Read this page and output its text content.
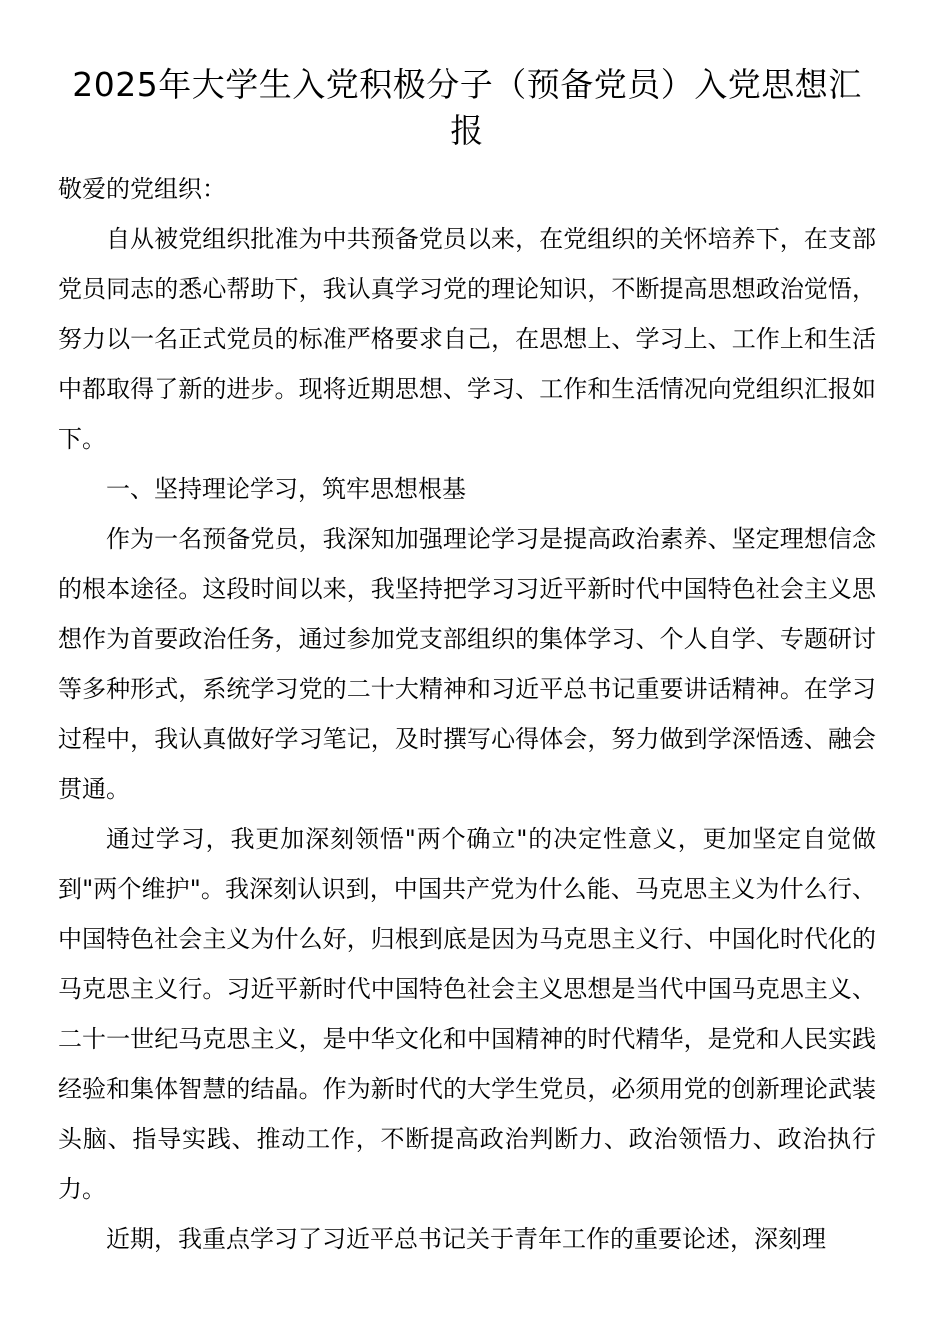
2025年大学生入党积极分子（预备党员）入党思想汇报

敬爱的党组织：

自从被党组织批准为中共预备党员以来，在党组织的关怀培养下，在支部党员同志的悉心帮助下，我认真学习党的理论知识，不断提高思想政治觉悟，努力以一名正式党员的标准严格要求自己，在思想上、学习上、工作上和生活中都取得了新的进步。现将近期思想、学习、工作和生活情况向党组织汇报如下。

一、坚持理论学习，筑牢思想根基

作为一名预备党员，我深知加强理论学习是提高政治素养、坚定理想信念的根本途径。这段时间以来，我坚持把学习习近平新时代中国特色社会主义思想作为首要政治任务，通过参加党支部组织的集体学习、个人自学、专题研讨等多种形式，系统学习党的二十大精神和习近平总书记重要讲话精神。在学习过程中，我认真做好学习笔记，及时撰写心得体会，努力做到学深悟透、融会贯通。

通过学习，我更加深刻领悟"两个确立"的决定性意义，更加坚定自觉做到"两个维护"。我深刻认识到，中国共产党为什么能、马克思主义为什么行、中国特色社会主义为什么好，归根到底是因为马克思主义行、中国化时代化的马克思主义行。习近平新时代中国特色社会主义思想是当代中国马克思主义、二十一世纪马克思主义，是中华文化和中国精神的时代精华，是党和人民实践经验和集体智慧的结晶。作为新时代的大学生党员，必须用党的创新理论武装头脑、指导实践、推动工作，不断提高政治判断力、政治领悟力、政治执行力。

近期，我重点学习了习近平总书记关于青年工作的重要论述，深刻理
